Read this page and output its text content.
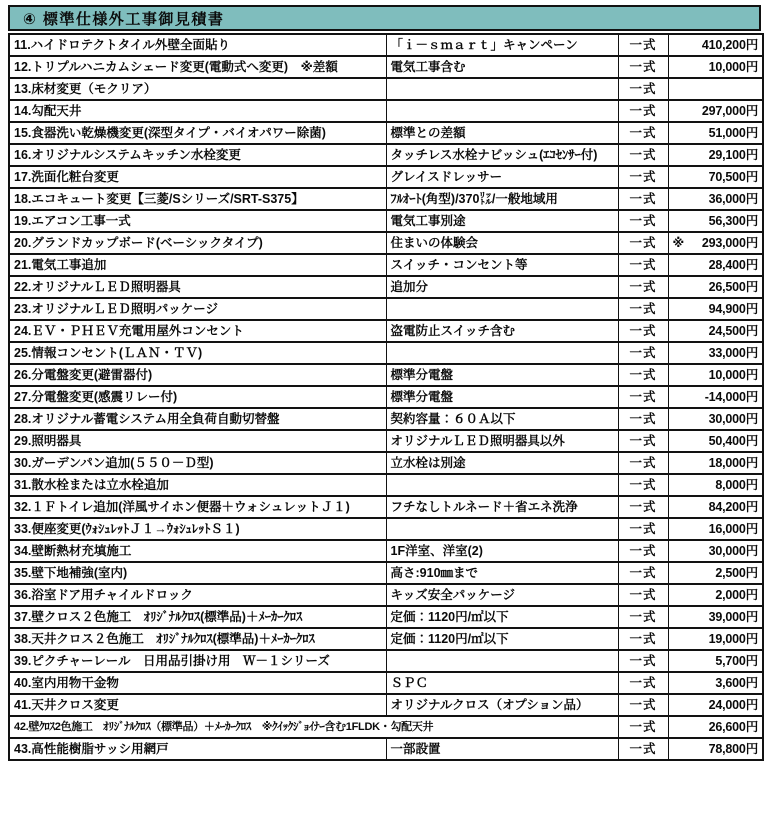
④ 標準仕様外工事御見積書
11.ハイドロテクトタイル外壁全面貼り	「ｉ－ｓｍａｒｔ」キャンペーン	一式	410,200円

12.トリプルハニカムシェード変更(電動式へ変更)　※差額	電気工事含む	一式	10,000円

13.床材変更（モクリア）		一式	

14.勾配天井		一式	297,000円

15.食器洗い乾燥機変更(深型タイプ・バイオパワー除菌)	標準との差額	一式	51,000円

16.オリジナルシステムキッチン水栓変更	タッチレス水栓ナビッシュ(ｴｺｾﾝｻｰ付)	一式	29,100円

17.洗面化粧台変更	グレイスドレッサー	一式	70,500円

18.エコキュート変更【三菱/Sシリーズ/SRT-S375】	ﾌﾙｵｰﾄ(角型)/370㍑/一般地域用	一式	36,000円

19.エアコン工事一式	電気工事別途	一式	56,300円

20.グランドカップボード(ベーシックタイプ)	住まいの体験会	一式	※ 293,000円

21.電気工事追加	スイッチ・コンセント等	一式	28,400円

22.オリジナルＬＥＤ照明器具	追加分	一式	26,500円

23.オリジナルＬＥＤ照明パッケージ		一式	94,900円

24.ＥＶ・ＰＨＥＶ充電用屋外コンセント	盗電防止スイッチ含む	一式	24,500円

25.情報コンセント(ＬＡＮ・ＴＶ)		一式	33,000円

26.分電盤変更(避雷器付)	標準分電盤	一式	10,000円

27.分電盤変更(感震リレー付)	標準分電盤	一式	-14,000円

28.オリジナル蓄電システム用全負荷自動切替盤	契約容量：６０Ａ以下	一式	30,000円

29.照明器具	オリジナルＬＥＤ照明器具以外	一式	50,400円

30.ガーデンパン追加(５５０－Ｄ型)	立水栓は別途	一式	18,000円

31.散水栓または立水栓追加		一式	8,000円

32.１Ｆトイレ追加(洋風サイホン便器＋ウォシュレットＪ１)	フチなしトルネード＋省エネ洗浄	一式	84,200円

33.便座変更(ｳｫｼｭﾚｯﾄＪ１→ｳｫｼｭﾚｯﾄＳ１)		一式	16,000円

34.壁断熱材充填施工	1F洋室、洋室(2)	一式	30,000円

35.壁下地補強(室内)	高さ:910㎜まで	一式	2,500円

36.浴室ドア用チャイルドロック	キッズ安全パッケージ	一式	2,000円

37.壁クロス２色施工　ｵﾘｼﾞﾅﾙｸﾛｽ(標準品)＋ﾒｰｶｰｸﾛｽ	定価：1120円/㎡以下	一式	39,000円

38.天井クロス２色施工　ｵﾘｼﾞﾅﾙｸﾛｽ(標準品)＋ﾒｰｶｰｸﾛｽ	定価：1120円/㎡以下	一式	19,000円

39.ピクチャーレール　日用品引掛け用　Ｗ－１シリーズ		一式	5,700円

40.室内用物干金物	ＳＰＣ	一式	3,600円

41.天井クロス変更	オリジナルクロス（オプション品）	一式	24,000円

42.壁ｸﾛｽ2色施工　ｵﾘｼﾞﾅﾙｸﾛｽ（標準品）＋ﾒｰｶｰｸﾛｽ　※ｸｲｯｸｼﾞｮｲﾅｰ含む1FLDK・勾配天井		一式	26,600円

43.高性能樹脂サッシ用網戸	一部設置	一式	78,800円
